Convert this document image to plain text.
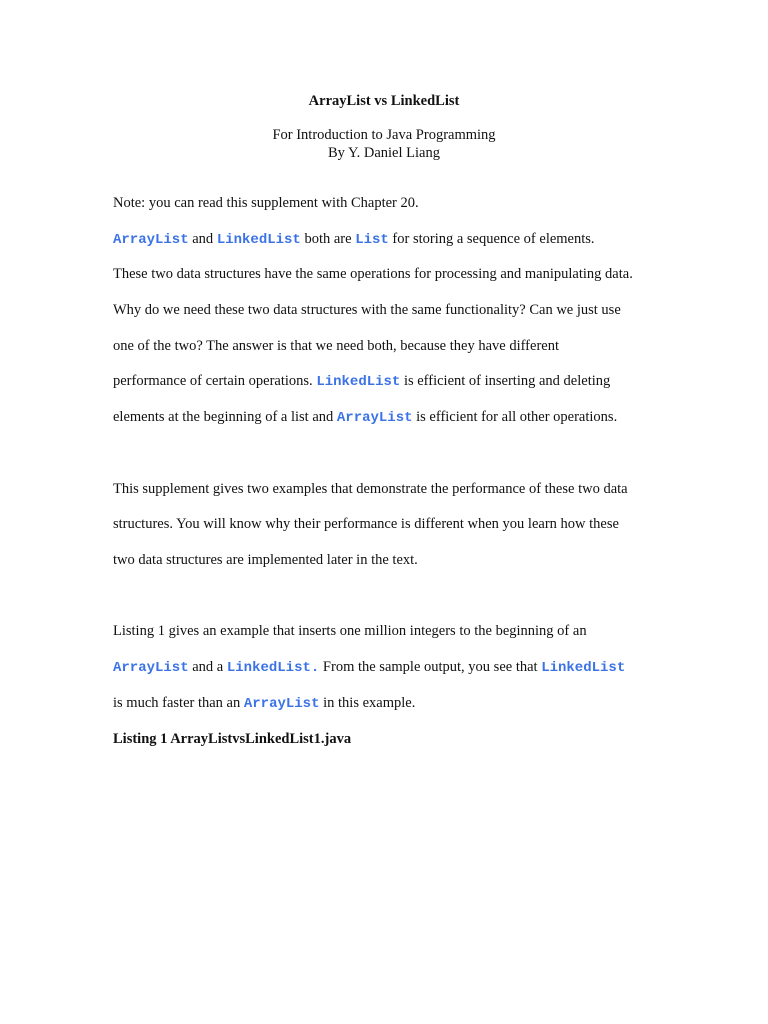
ArrayList vs LinkedList
For Introduction to Java Programming
By Y. Daniel Liang
Note: you can read this supplement with Chapter 20.
ArrayList and LinkedList both are List for storing a sequence of elements.
These two data structures have the same operations for processing and manipulating data.
Why do we need these two data structures with the same functionality? Can we just use
one of the two? The answer is that we need both, because they have different
performance of certain operations. LinkedList is efficient of inserting and deleting
elements at the beginning of a list and ArrayList is efficient for all other operations.
This supplement gives two examples that demonstrate the performance of these two data
structures. You will know why their performance is different when you learn how these
two data structures are implemented later in the text.
Listing 1 gives an example that inserts one million integers to the beginning of an
ArrayList and a LinkedList. From the sample output, you see that LinkedList
is much faster than an ArrayList in this example.
Listing 1 ArrayListvsLinkedList1.java
